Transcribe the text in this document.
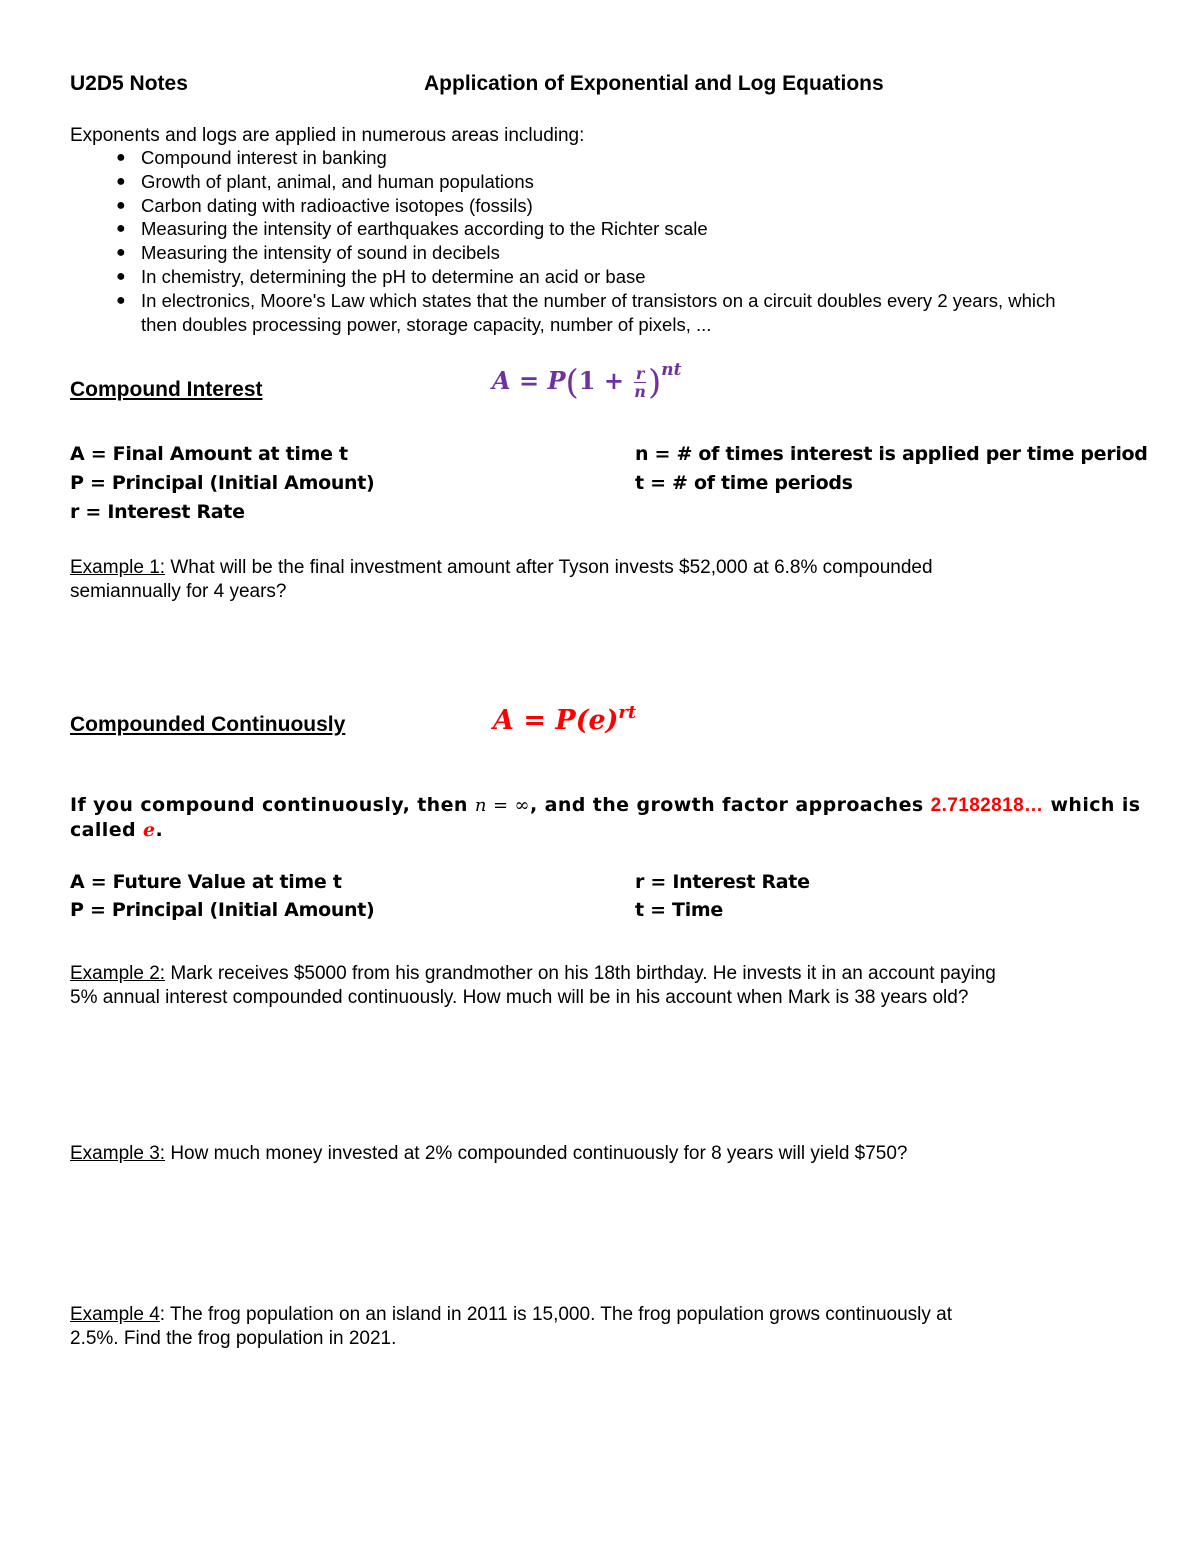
U2D5 Notes	Application of Exponential and Log Equations
Exponents and logs are applied in numerous areas including:
● Compound interest in banking
● Growth of plant, animal, and human populations
● Carbon dating with radioactive isotopes (fossils)
● Measuring the intensity of earthquakes according to the Richter scale
● Measuring the intensity of sound in decibels
● In chemistry, determining the pH to determine an acid or base
● In electronics, Moore's Law which states that the number of transistors on a circuit doubles every 2 years, which
then doubles processing power, storage capacity, number of pixels, ...
Compound Interest	$A = P(1 + \frac{r}{n} )^{nt}$
A = Final Amount at time t
P = Principal (Initial Amount)
r = Interest Rate
n = # of times interest is applied per time period
t = # of time periods
Example 1: What will be the final investment amount after Tyson invests $52,000 at 6.8% compounded
semiannually for 4 years?
Compounded Continuously	$A = P(e)^{rt}$
If you compound continuously, then n = ∞, and the growth factor approaches 2.7182818… which is
called e.
A = Future Value at time t
P = Principal (Initial Amount)
r = Interest Rate
t = Time
Example 2: Mark receives $5000 from his grandmother on his 18th birthday. He invests it in an account paying
5% annual interest compounded continuously. How much will be in his account when Mark is 38 years old?
Example 3: How much money invested at 2% compounded continuously for 8 years will yield $750?
Example 4: The frog population on an island in 2011 is 15,000. The frog population grows continuously at
2.5%. Find the frog population in 2021.
